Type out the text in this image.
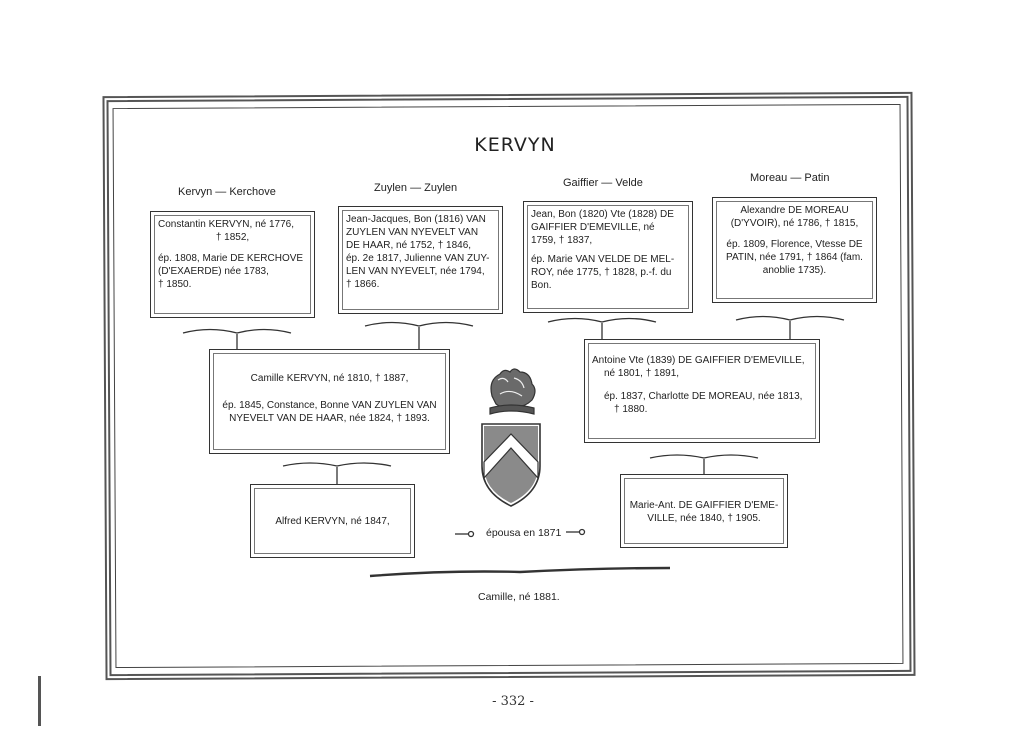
KERVYN
Kervyn — Kerchove	Zuylen — Zuylen	Gaiffier — Velde	Moreau — Patin

Constantin KERVYN, né 1776,

† 1852,

ép. 1808, Marie DE KERCHOVE

(D'EXAERDE) née 1783,

† 1850.

Jean-Jacques, Bon (1816) VAN

ZUYLEN VAN NYEVELT VAN

DE HAAR, né 1752, † 1846,

ép. 2e 1817, Julienne VAN ZUY-

LEN VAN NYEVELT, née 1794,

† 1866.

Jean, Bon (1820) Vte (1828) DE

GAIFFIER D'EMEVILLE, né

1759, † 1837,

ép. Marie VAN VELDE DE MEL-

ROY, née 1775, † 1828, p.-f. du

Bon.

Alexandre DE MOREAU

(D'YVOIR), né 1786, † 1815,

ép. 1809, Florence, Vtesse DE

PATIN, née 1791, † 1864 (fam.

anoblie 1735).

Camille KERVYN, né 1810, † 1887,

ép. 1845, Constance, Bonne VAN ZUYLEN VAN

NYEVELT VAN DE HAAR, née 1824, † 1893.

Antoine Vte (1839) DE GAIFFIER D'EMEVILLE,

né 1801, † 1891,

ép. 1837, Charlotte DE MOREAU, née 1813,

† 1880.

Alfred KERVYN, né 1847,

Marie-Ant. DE GAIFFIER D'EME-

VILLE, née 1840, † 1905.

épousa en 1871
Camille, né 1881.
- 332 -
